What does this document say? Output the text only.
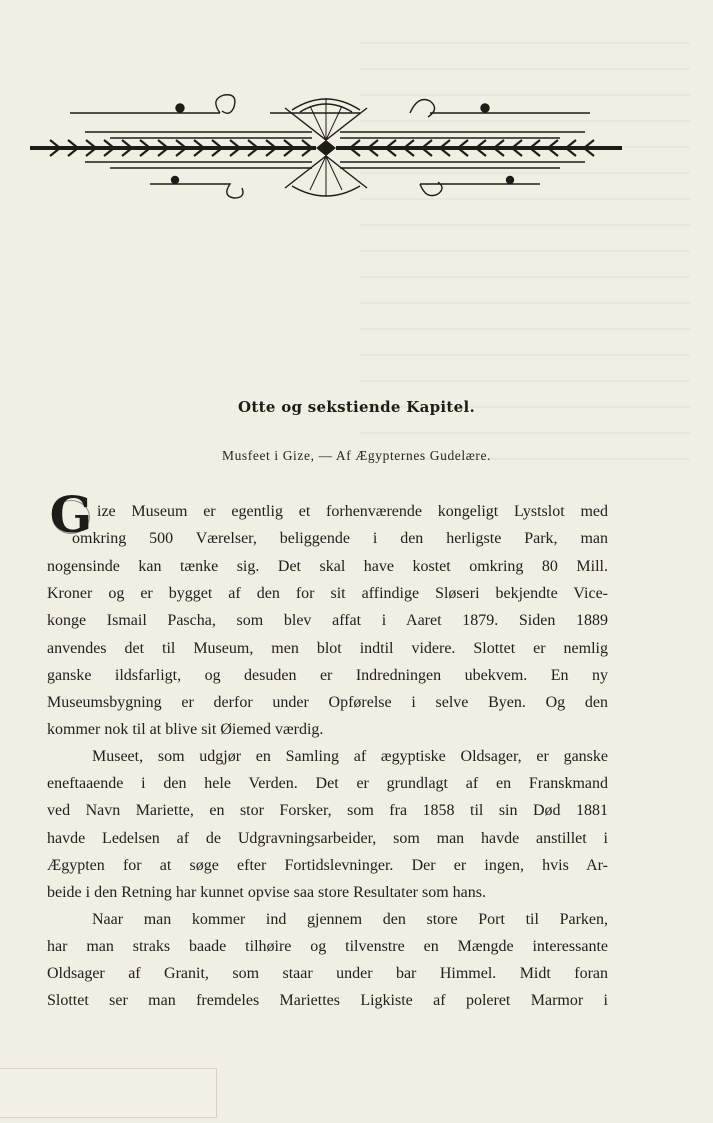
Otte og sekstiende Kapitel.
Musfeet i Gize, — Af Ægypternes Gudelære.
G ize Museum er egentlig et forhenværende kongeligt Lystslot med
omkring 500 Værelser, beliggende i den herligste Park, man
nogensinde kan tænke sig. Det skal have kostet omkring 80 Mill.
Kroner og er bygget af den for sit affindige Sløseri bekjendte Vice-
konge Ismail Pascha, som blev affat i Aaret 1879. Siden 1889
anvendes det til Museum, men blot indtil videre. Slottet er nemlig
ganske ildsfarligt, og desuden er Indredningen ubekvem. En ny
Museumsbygning er derfor under Opførelse i selve Byen. Og den
kommer nok til at blive sit Øiemed værdig.
Museet, som udgjør en Samling af ægyptiske Oldsager, er ganske
eneftaaende i den hele Verden. Det er grundlagt af en Franskmand
ved Navn Mariette, en stor Forsker, som fra 1858 til sin Død 1881
havde Ledelsen af de Udgravningsarbeider, som man havde anstillet i
Ægypten for at søge efter Fortidslevninger. Der er ingen, hvis Ar-
beide i den Retning har kunnet opvise saa store Resultater som hans.
Naar man kommer ind gjennem den store Port til Parken,
har man straks baade tilhøire og tilvenstre en Mængde interessante
Oldsager af Granit, som staar under bar Himmel. Midt foran
Slottet ser man fremdeles Mariettes Ligkiste af poleret Marmor i
